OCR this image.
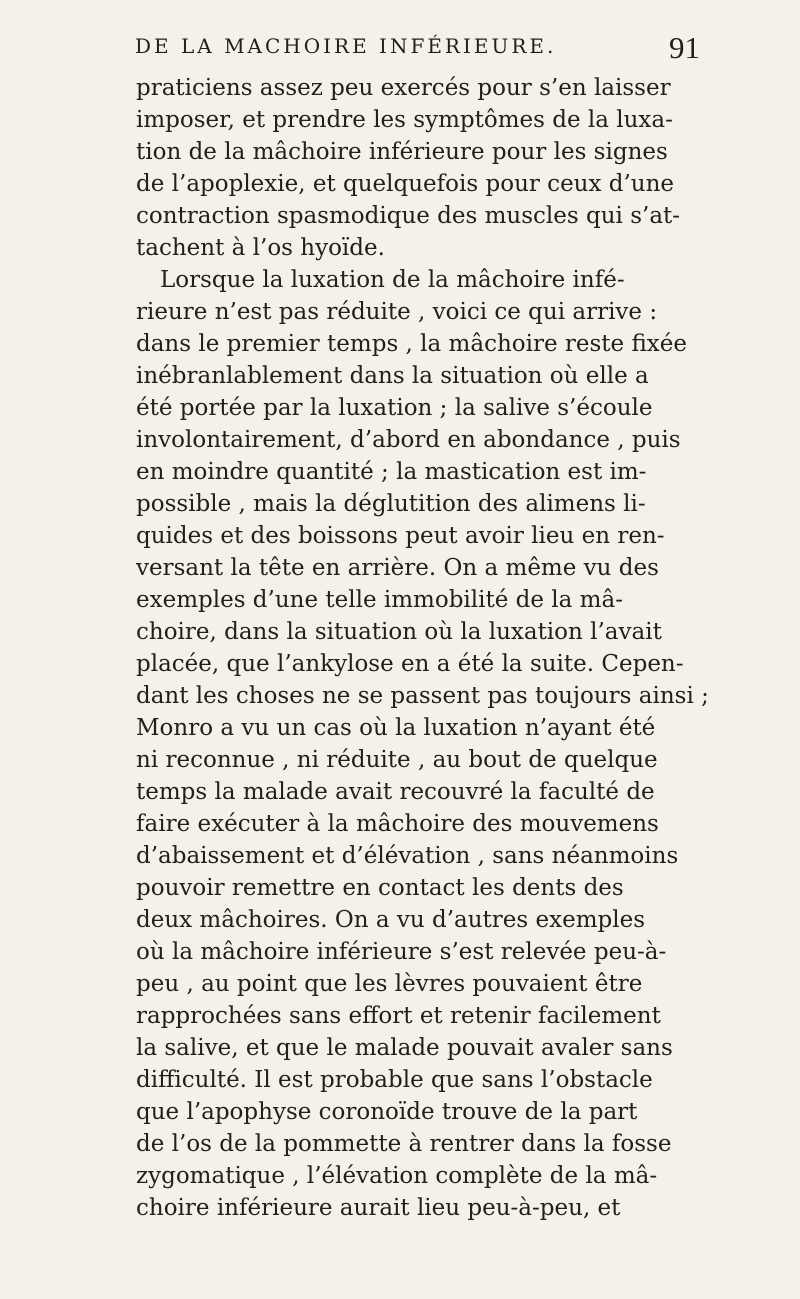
DE LA MACHOIRE INFÉRIEURE.	91
praticiens assez peu exercés pour s’en laisser
imposer, et prendre les symptômes de la luxa-
tion de la mâchoire inférieure pour les signes
de l’apoplexie, et quelquefois pour ceux d’une
contraction spasmodique des muscles qui s’at-
tachent à l’os hyoïde.
Lorsque la luxation de la mâchoire infé-
rieure n’est pas réduite , voici ce qui arrive :
dans le premier temps , la mâchoire reste fixée
inébranlablement dans la situation où elle a
été portée par la luxation ; la salive s’écoule
involontairement, d’abord en abondance , puis
en moindre quantité ; la mastication est im-
possible , mais la déglutition des alimens li-
quides et des boissons peut avoir lieu en ren-
versant la tête en arrière. On a même vu des
exemples d’une telle immobilité de la mâ-
choire, dans la situation où la luxation l’avait
placée, que l’ankylose en a été la suite. Cepen-
dant les choses ne se passent pas toujours ainsi ;
Monro a vu un cas où la luxation n’ayant été
ni reconnue , ni réduite , au bout de quelque
temps la malade avait recouvré la faculté de
faire exécuter à la mâchoire des mouvemens
d’abaissement et d’élévation , sans néanmoins
pouvoir remettre en contact les dents des
deux mâchoires. On a vu d’autres exemples
où la mâchoire inférieure s’est relevée peu-à-
peu , au point que les lèvres pouvaient être
rapprochées sans effort et retenir facilement
la salive, et que le malade pouvait avaler sans
difficulté. Il est probable que sans l’obstacle
que l’apophyse coronoïde trouve de la part
de l’os de la pommette à rentrer dans la fosse
zygomatique , l’élévation complète de la mâ-
choire inférieure aurait lieu peu-à-peu, et
